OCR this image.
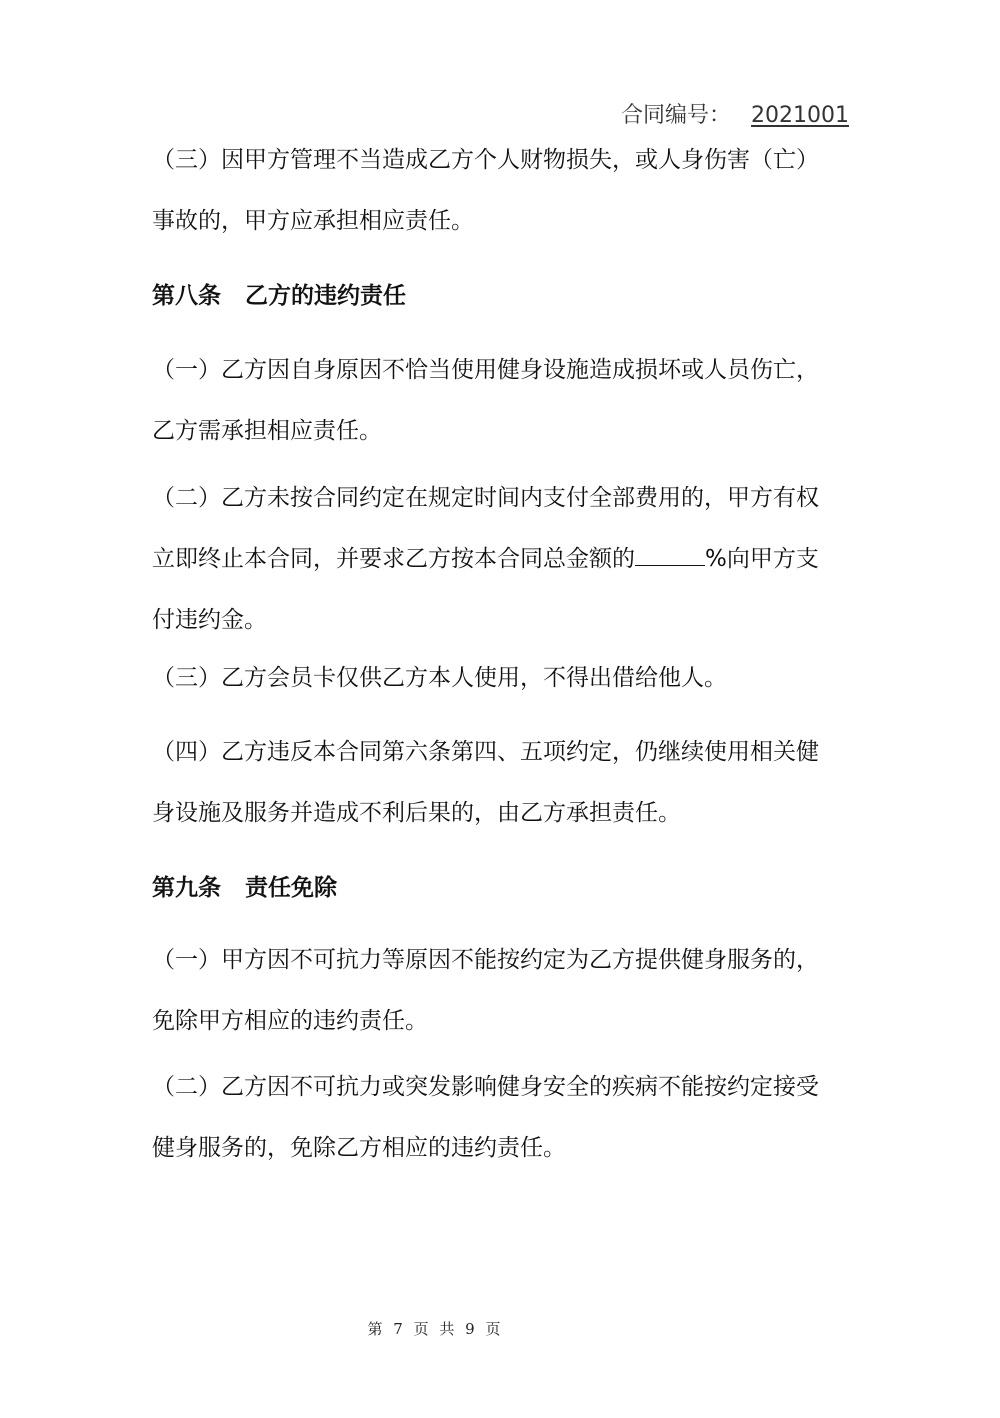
合同编号： 2021001
（三）因甲方管理不当造成乙方个人财物损失，或人身伤害（亡）
事故的，甲方应承担相应责任。
第八条 乙方的违约责任
（一）乙方因自身原因不恰当使用健身设施造成损坏或人员伤亡，
乙方需承担相应责任。
（二）乙方未按合同约定在规定时间内支付全部费用的，甲方有权
立即终止本合同，并要求乙方按本合同总金额的	%向甲方支
付违约金。
（三）乙方会员卡仅供乙方本人使用，不得出借给他人。
（四）乙方违反本合同第六条第四、五项约定，仍继续使用相关健
身设施及服务并造成不利后果的，由乙方承担责任。
第九条 责任免除
（一）甲方因不可抗力等原因不能按约定为乙方提供健身服务的，
免除甲方相应的违约责任。
（二）乙方因不可抗力或突发影响健身安全的疾病不能按约定接受
健身服务的，免除乙方相应的违约责任。
第 7 页 共 9 页
